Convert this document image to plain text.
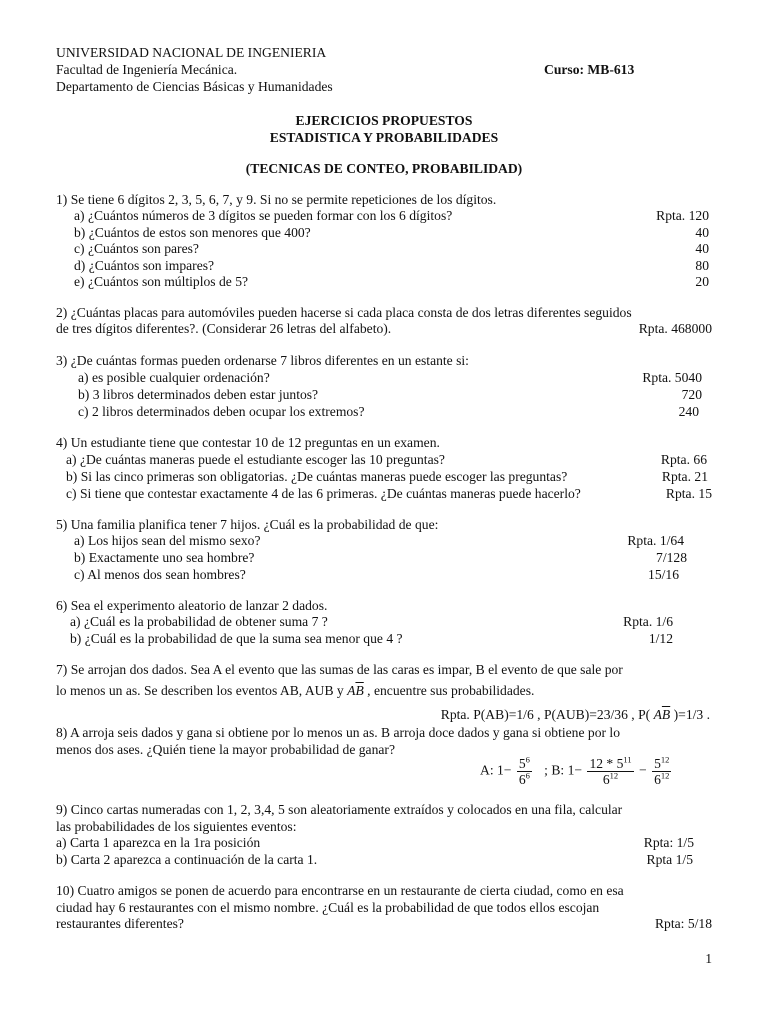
UNIVERSIDAD NACIONAL DE INGENIERIA
Facultad de Ingeniería Mecánica.	Curso: MB-613
Departamento de Ciencias Básicas y Humanidades
EJERCICIOS PROPUESTOS
ESTADISTICA Y PROBABILIDADES
(TECNICAS DE CONTEO, PROBABILIDAD)
1) Se tiene 6 dígitos 2, 3, 5, 6, 7, y 9. Si no se permite repeticiones de los dígitos.
a) ¿Cuántos números de 3 dígitos se pueden formar con los 6 dígitos?	Rpta. 120
b) ¿Cuántos de estos son menores que 400?	40
c) ¿Cuántos son pares?	40
d) ¿Cuántos son impares?	80
e) ¿Cuántos son múltiplos de 5?	20
2) ¿Cuántas placas para automóviles pueden hacerse si cada placa consta de dos letras diferentes seguidos
de tres dígitos diferentes?. (Considerar 26 letras del alfabeto).	Rpta. 468000
3) ¿De cuántas formas pueden ordenarse 7 libros diferentes en un estante si:
a) es posible cualquier ordenación?	Rpta. 5040
b) 3 libros determinados deben estar juntos?	720
c) 2 libros determinados deben ocupar los extremos?	240
4) Un estudiante tiene que contestar 10 de 12 preguntas en un examen.
a) ¿De cuántas maneras puede el estudiante escoger las 10 preguntas?	Rpta. 66
b) Si las cinco primeras son obligatorias. ¿De cuántas maneras puede escoger las preguntas?	Rpta. 21
c) Si tiene que contestar exactamente 4 de las 6 primeras. ¿De cuántas maneras puede hacerlo?	Rpta. 15
5) Una familia planifica tener 7 hijos. ¿Cuál es la probabilidad de que:
a) Los hijos sean del mismo sexo?	Rpta. 1/64
b) Exactamente uno sea hombre?	7/128
c) Al menos dos sean hombres?	15/16
6) Sea el experimento aleatorio de lanzar 2 dados.
a) ¿Cuál es la probabilidad de obtener suma 7 ?	Rpta. 1/6
b) ¿Cuál es la probabilidad de que la suma sea menor que 4 ?	1/12
7) Se arrojan dos dados. Sea A el evento que las sumas de las caras es impar, B el evento de que sale por
lo menos un as. Se describen los eventos AB, AUB y $A\overline{B}$ , encuentre sus probabilidades.
Rpta. P(AB)=1/6 , P(AUB)=23/36 , P( $A\overline{B}$ )=1/3 .
8) A arroja seis dados y gana si obtiene por lo menos un as. B arroja doce dados y gana si obtiene por lo
menos dos ases. ¿Quién tiene la mayor probabilidad de ganar?
A: $1- \frac{5^6}{6^6}$ ; B: $1- \frac{12 * 5^{11}}{6^{12}} - \frac{5^{12}}{6^{12}}$
9) Cinco cartas numeradas con 1, 2, 3,4, 5 son aleatoriamente extraídos y colocados en una fila, calcular
las probabilidades de los siguientes eventos:
a) Carta 1 aparezca en la 1ra posición	Rpta: 1/5
b) Carta 2 aparezca a continuación de la carta 1.	Rpta 1/5
10) Cuatro amigos se ponen de acuerdo para encontrarse en un restaurante de cierta ciudad, como en esa
ciudad hay 6 restaurantes con el mismo nombre. ¿Cuál es la probabilidad de que todos ellos escojan
restaurantes diferentes?	Rpta: 5/18
1
